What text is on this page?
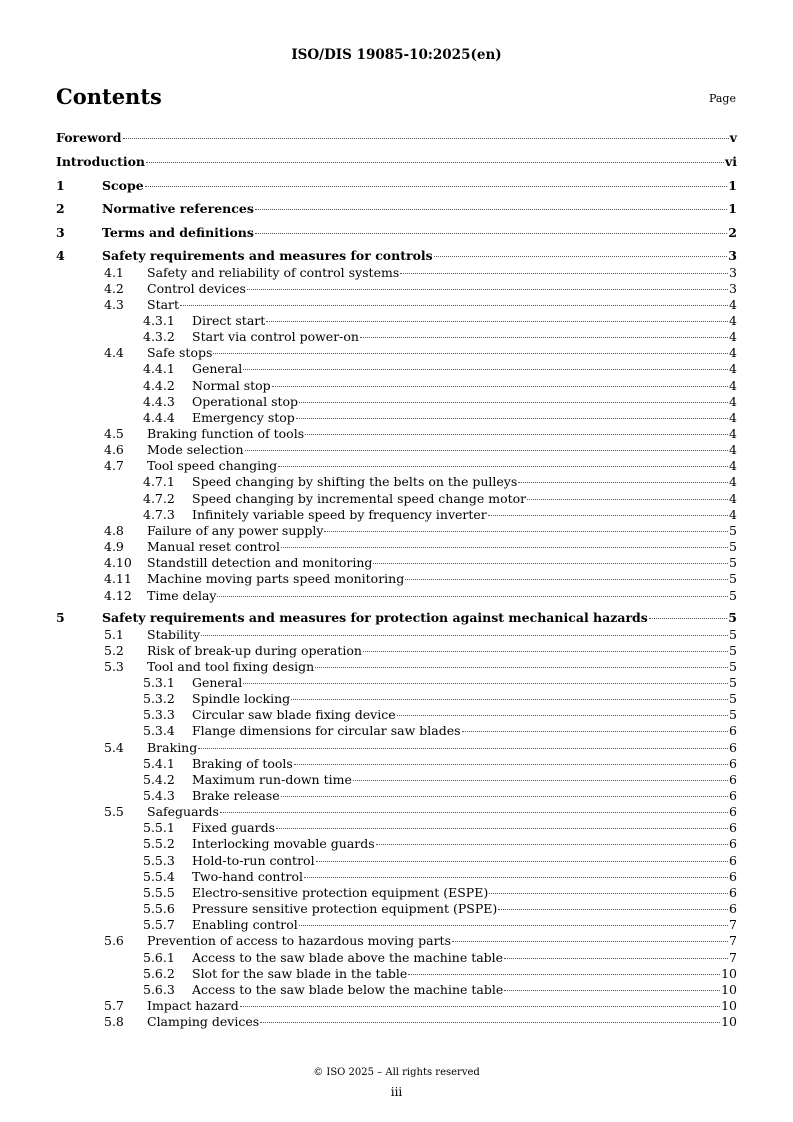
ISO/DIS 19085-10:2025(en)
Contents	Page
Foreword	v
Introduction	vi
1	Scope	1
2	Normative references	1
3	Terms and definitions	2
4	Safety requirements and measures for controls	3
4.1	Safety and reliability of control systems	3
4.2	Control devices	3
4.3	Start	4
4.3.1	Direct start	4
4.3.2	Start via control power-on	4
4.4	Safe stops	4
4.4.1	General	4
4.4.2	Normal stop	4
4.4.3	Operational stop	4
4.4.4	Emergency stop	4
4.5	Braking function of tools	4
4.6	Mode selection	4
4.7	Tool speed changing	4
4.7.1	Speed changing by shifting the belts on the pulleys	4
4.7.2	Speed changing by incremental speed change motor	4
4.7.3	Infinitely variable speed by frequency inverter	4
4.8	Failure of any power supply	5
4.9	Manual reset control	5
4.10	Standstill detection and monitoring	5
4.11	Machine moving parts speed monitoring	5
4.12	Time delay	5
5	Safety requirements and measures for protection against mechanical hazards	5
5.1	Stability	5
5.2	Risk of break-up during operation	5
5.3	Tool and tool fixing design	5
5.3.1	General	5
5.3.2	Spindle locking	5
5.3.3	Circular saw blade fixing device	5
5.3.4	Flange dimensions for circular saw blades	6
5.4	Braking	6
5.4.1	Braking of tools	6
5.4.2	Maximum run-down time	6
5.4.3	Brake release	6
5.5	Safeguards	6
5.5.1	Fixed guards	6
5.5.2	Interlocking movable guards	6
5.5.3	Hold-to-run control	6
5.5.4	Two-hand control	6
5.5.5	Electro-sensitive protection equipment (ESPE)	6
5.5.6	Pressure sensitive protection equipment (PSPE)	6
5.5.7	Enabling control	7
5.6	Prevention of access to hazardous moving parts	7
5.6.1	Access to the saw blade above the machine table	7
5.6.2	Slot for the saw blade in the table	10
5.6.3	Access to the saw blade below the machine table	10
5.7	Impact hazard	10
5.8	Clamping devices	10
© ISO 2025 – All rights reserved
iii
